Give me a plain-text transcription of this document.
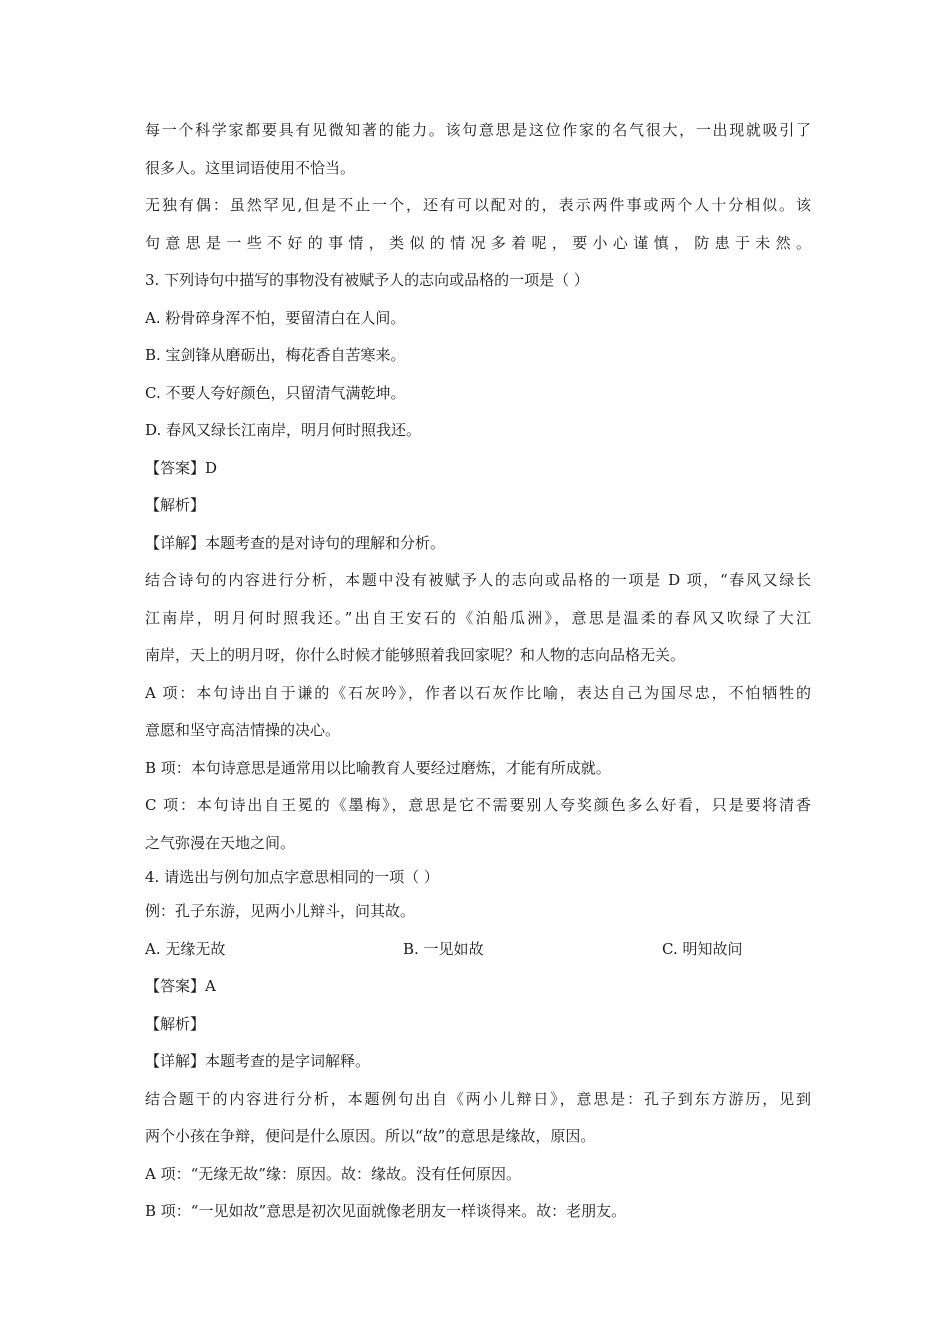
每一个科学家都要具有见微知著的能力。该句意思是这位作家的名气很大，一出现就吸引了
很多人。这里词语使用不恰当。
无独有偶：虽然罕见,但是不止一个，还有可以配对的，表示两件事或两个人十分相似。该
句意思是一些不好的事情，类似的情况多着呢，要小心谨慎，防患于未然。
3. 下列诗句中描写的事物没有被赋予人的志向或品格的一项是（ ）
A. 粉骨碎身浑不怕，要留清白在人间。
B. 宝剑锋从磨砺出，梅花香自苦寒来。
C. 不要人夸好颜色，只留清气满乾坤。
D. 春风又绿长江南岸，明月何时照我还。
【答案】D
【解析】
【详解】本题考查的是对诗句的理解和分析。
结合诗句的内容进行分析，本题中没有被赋予人的志向或品格的一项是 D 项，“春风又绿长
江南岸，明月何时照我还。”出自王安石的《泊船瓜洲》，意思是温柔的春风又吹绿了大江
南岸，天上的明月呀，你什么时候才能够照着我回家呢？和人物的志向品格无关。
A 项：本句诗出自于谦的《石灰吟》，作者以石灰作比喻，表达自己为国尽忠，不怕牺牲的
意愿和坚守高洁情操的决心。
B 项：本句诗意思是通常用以比喻教育人要经过磨炼，才能有所成就。
C 项：本句诗出自王冕的《墨梅》，意思是它不需要别人夸奖颜色多么好看，只是要将清香
之气弥漫在天地之间。
4. 请选出与例句加点字意思相同的一项（ ）
例：孔子东游，见两小儿辩斗，问其故。
A. 无缘无故	B. 一见如故	C. 明知故问
【答案】A
【解析】
【详解】本题考查的是字词解释。
结合题干的内容进行分析，本题例句出自《两小儿辩日》，意思是：孔子到东方游历，见到
两个小孩在争辩，便问是什么原因。所以“故”的意思是缘故，原因。
A 项：“无缘无故”缘：原因。故：缘故。没有任何原因。
B 项：“一见如故”意思是初次见面就像老朋友一样谈得来。故：老朋友。
